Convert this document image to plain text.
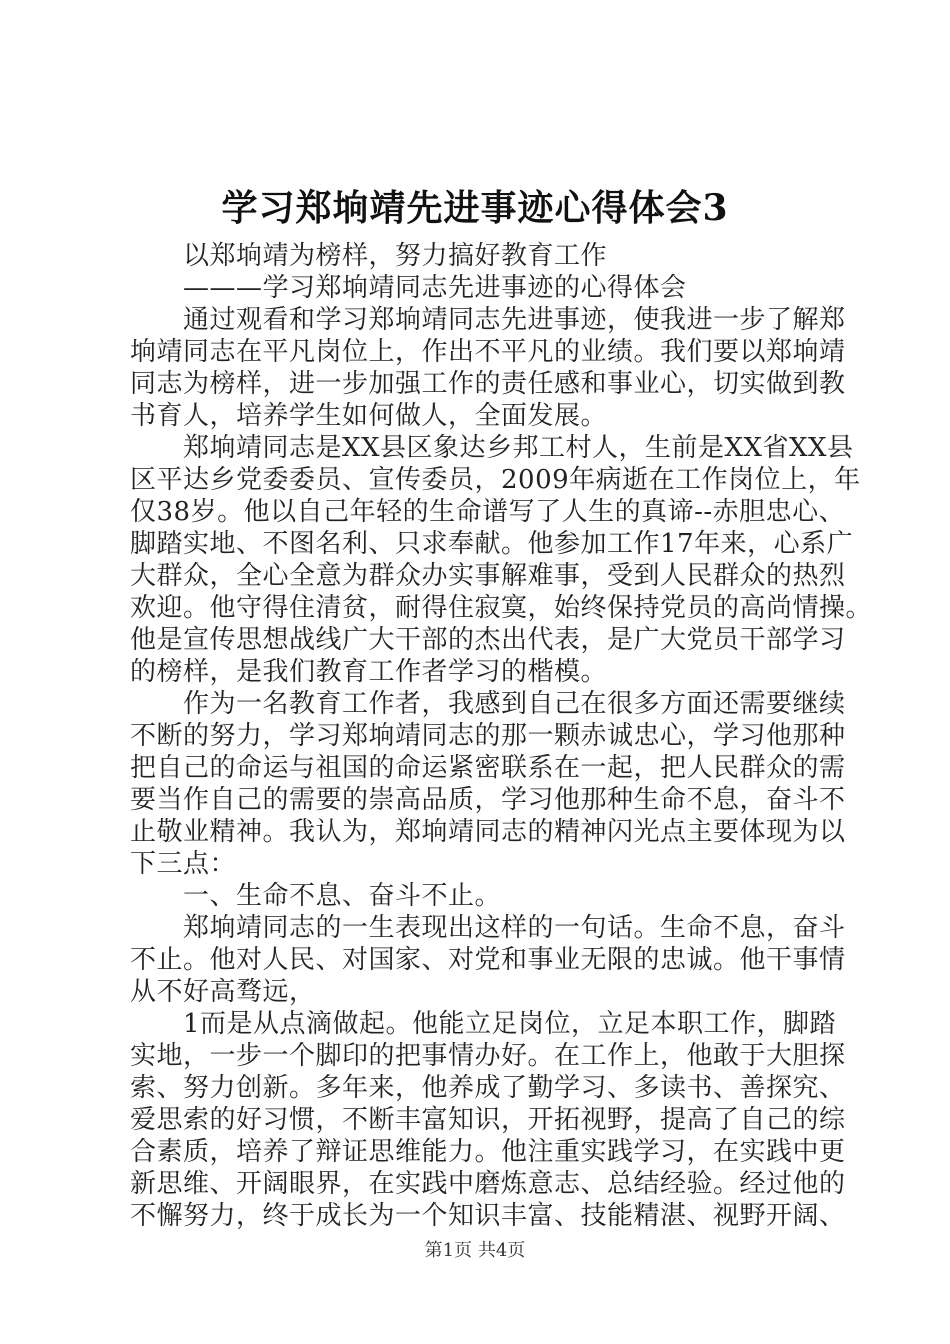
学习郑垧靖先进事迹心得体会3
　　以郑垧靖为榜样，努力搞好教育工作
　　———学习郑垧靖同志先进事迹的心得体会
　　通过观看和学习郑垧靖同志先进事迹，使我进一步了解郑
垧靖同志在平凡岗位上，作出不平凡的业绩。我们要以郑垧靖
同志为榜样，进一步加强工作的责任感和事业心，切实做到教
书育人，培养学生如何做人，全面发展。
　　郑垧靖同志是XX县区象达乡邦工村人，生前是XX省XX县
区平达乡党委委员、宣传委员，2009年病逝在工作岗位上，年
仅38岁。他以自己年轻的生命谱写了人生的真谛--赤胆忠心、
脚踏实地、不图名利、只求奉献。他参加工作17年来，心系广
大群众，全心全意为群众办实事解难事，受到人民群众的热烈
欢迎。他守得住清贫，耐得住寂寞，始终保持党员的高尚情操。
他是宣传思想战线广大干部的杰出代表，是广大党员干部学习
的榜样，是我们教育工作者学习的楷模。
　　作为一名教育工作者，我感到自己在很多方面还需要继续
不断的努力，学习郑垧靖同志的那一颗赤诚忠心，学习他那种
把自己的命运与祖国的命运紧密联系在一起，把人民群众的需
要当作自己的需要的崇高品质，学习他那种生命不息，奋斗不
止敬业精神。我认为，郑垧靖同志的精神闪光点主要体现为以
下三点：
　　一、生命不息、奋斗不止。
　　郑垧靖同志的一生表现出这样的一句话。生命不息，奋斗
不止。他对人民、对国家、对党和事业无限的忠诚。他干事情
从不好高骛远，
　　1而是从点滴做起。他能立足岗位，立足本职工作，脚踏
实地，一步一个脚印的把事情办好。在工作上，他敢于大胆探
索、努力创新。多年来，他养成了勤学习、多读书、善探究、
爱思索的好习惯，不断丰富知识，开拓视野，提高了自己的综
合素质，培养了辩证思维能力。他注重实践学习，在实践中更
新思维、开阔眼界，在实践中磨炼意志、总结经验。经过他的
不懈努力，终于成长为一个知识丰富、技能精湛、视野开阔、
第1页 共4页
